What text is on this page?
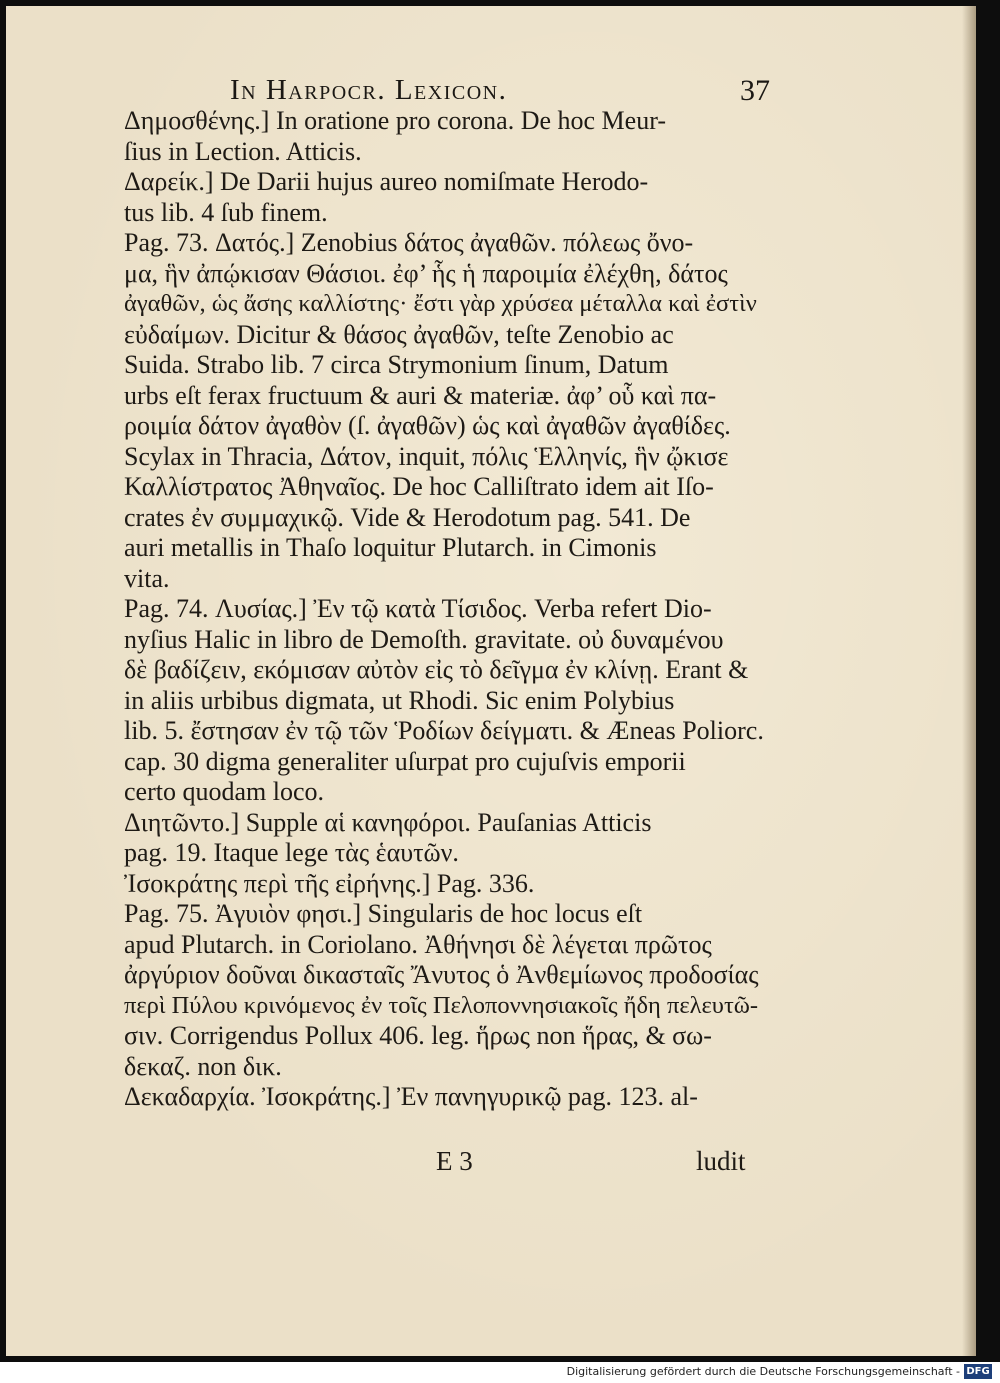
In Harpocr. Lexicon.	37
Δημοσθένης.] In oratione pro corona. De hoc Meur-
ſius in Lection. Atticis.
Δαρείκ.] De Darii hujus aureo nomiſmate Herodo-
tus lib. 4 ſub finem.
Pag. 73. Δατός.] Zenobius δάτος ἀγαθῶν. πόλεως ὄνο-
μα, ἣν ἀπῴκισαν Θάσιοι. ἐφ’ ἧς ἡ παροιμία ἐλέχθη, δάτος
ἀγαθῶν, ὡς ἄσης καλλίστης· ἔστι γὰρ χρύσεα μέταλλα καὶ ἐστὶν
εὐδαίμων. Dicitur & θάσος ἀγαθῶν, teſte Zenobio ac
Suida. Strabo lib. 7 circa Strymonium ſinum, Datum
urbs eſt ferax fructuum & auri & materiæ. ἀφ’ οὗ καὶ πα-
ροιμία δάτον ἀγαθὸν (ſ. ἀγαθῶν) ὡς καὶ ἀγαθῶν ἀγαθίδες.
Scylax in Thracia, Δάτον, inquit, πόλις Ἑλληνίς, ἣν ᾤκισε
Καλλίστρατος Ἀθηναῖος. De hoc Calliſtrato idem ait Iſo-
crates ἐν συμμαχικῷ. Vide & Herodotum pag. 541. De
auri metallis in Thaſo loquitur Plutarch. in Cimonis
vita.
Pag. 74. Λυσίας.] Ἐν τῷ κατὰ Τίσιδος. Verba refert Dio-
nyſius Halic in libro de Demoſth. gravitate. οὐ δυναμένου
δὲ βαδίζειν, εκόμισαν αὐτὸν εἰς τὸ δεῖγμα ἐν κλίνῃ. Erant &
in aliis urbibus digmata, ut Rhodi. Sic enim Polybius
lib. 5. ἔστησαν ἐν τῷ τῶν Ῥοδίων δείγματι. & Æneas Poliorc.
cap. 30 digma generaliter uſurpat pro cujuſvis emporii
certo quodam loco.
Διητῶντο.] Supple αἱ κανηφόροι. Pauſanias Atticis
pag. 19. Itaque lege τὰς ἑαυτῶν.
Ἰσοκράτης περὶ τῆς εἰρήνης.] Pag. 336.
Pag. 75. Ἀγυιὸν φησι.] Singularis de hoc locus eſt
apud Plutarch. in Coriolano. Ἀθήνησι δὲ λέγεται πρῶτος
ἀργύριον δοῦναι δικασταῖς Ἄνυτος ὁ Ἀνθεμίωνος προδοσίας
περὶ Πύλου κρινόμενος ἐν τοῖς Πελοποννησιακοῖς ἤδη πελευτῶ-
σιν. Corrigendus Pollux 406. leg. ἥρως non ἥρας, & σω-
δεκαζ. non δικ.
Δεκαδαρχία. Ἰσοκράτης.] Ἐν πανηγυρικῷ pag. 123. al-
E 3	ludit
Digitalisierung gefördert durch die Deutsche Forschungsgemeinschaft - DFG
